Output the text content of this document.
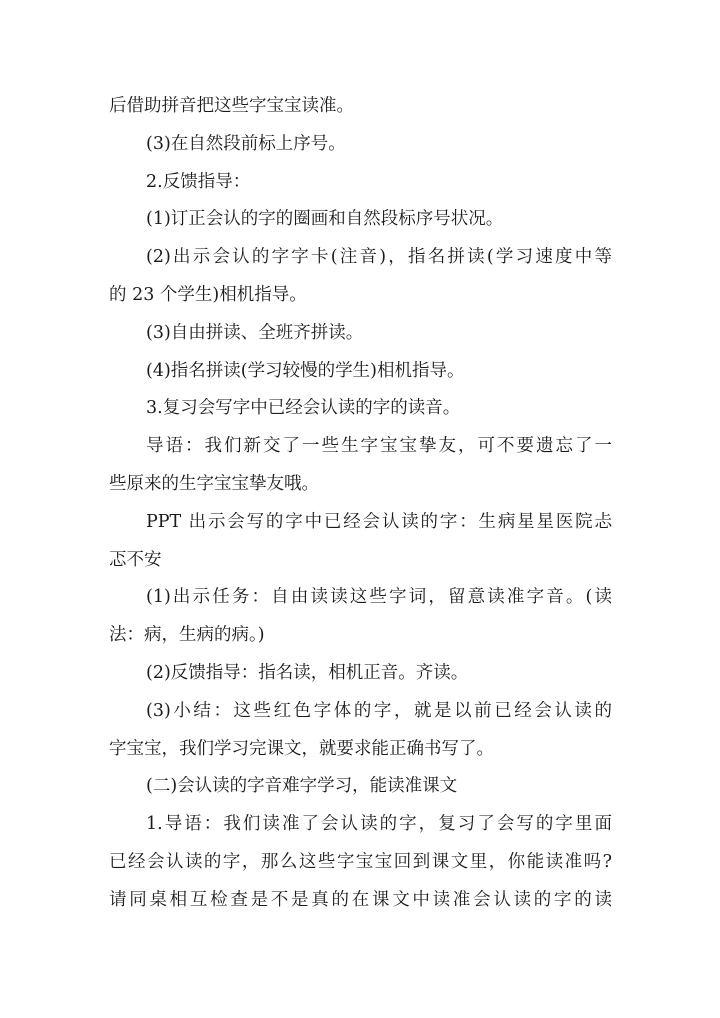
后借助拼音把这些字宝宝读准。
(3)在自然段前标上序号。
2.反馈指导：
(1)订正会认的字的圈画和自然段标序号状况。
(2)出示会认的字字卡(注音)，指名拼读(学习速度中等
的 23 个学生)相机指导。
(3)自由拼读、全班齐拼读。
(4)指名拼读(学习较慢的学生)相机指导。
3.复习会写字中已经会认读的字的读音。
导语：我们新交了一些生字宝宝挚友，可不要遗忘了一
些原来的生字宝宝挚友哦。
PPT 出示会写的字中已经会认读的字：生病星星医院忐
忑不安
(1)出示任务：自由读读这些字词，留意读准字音。(读
法：病，生病的病。)
(2)反馈指导：指名读，相机正音。齐读。
(3)小结：这些红色字体的字，就是以前已经会认读的
字宝宝，我们学习完课文，就要求能正确书写了。
(二)会认读的字音难字学习，能读准课文
1.导语：我们读准了会认读的字，复习了会写的字里面
已经会认读的字，那么这些字宝宝回到课文里，你能读准吗?
请同桌相互检查是不是真的在课文中读准会认读的字的读
